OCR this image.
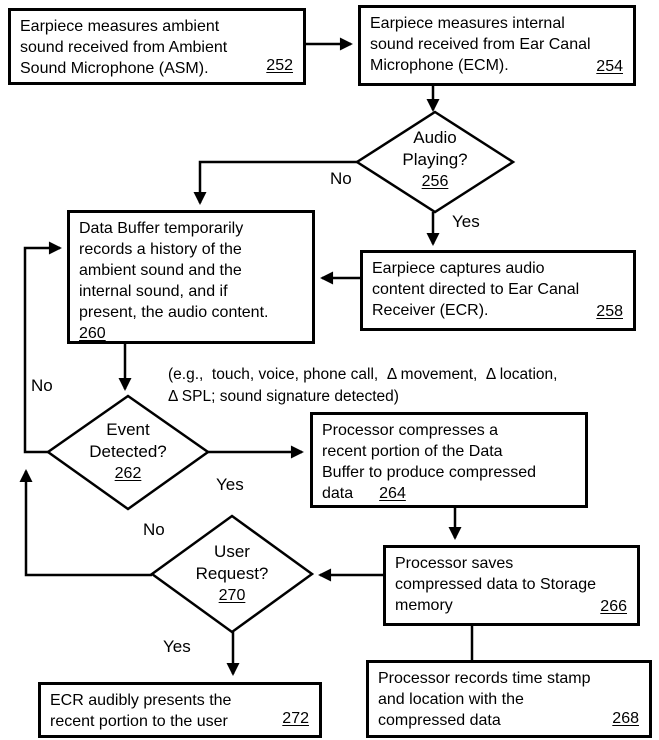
Earpiece measures ambient
sound received from Ambient
Sound Microphone (ASM).	252
Earpiece measures internal
sound received from Ear Canal
Microphone (ECM).	254
Earpiece captures audio
content directed to Ear Canal
Receiver (ECR).	258
Data Buffer temporarily
records a history of the
ambient sound and the
internal sound, and if
present, the audio content.
260
Processor compresses a
recent portion of the Data
Buffer to produce compressed
data 264
Processor saves
compressed data to Storage
memory	266
Processor records time stamp
and location with the
compressed data	268
ECR audibly presents the
recent portion to the user	272
Audio
Playing?
256
Event
Detected?
262
User
Request?
270
No
Yes
No
Yes
No
Yes
(e.g.,  touch, voice, phone call,  Δ movement,  Δ location,
Δ SPL; sound signature detected)
